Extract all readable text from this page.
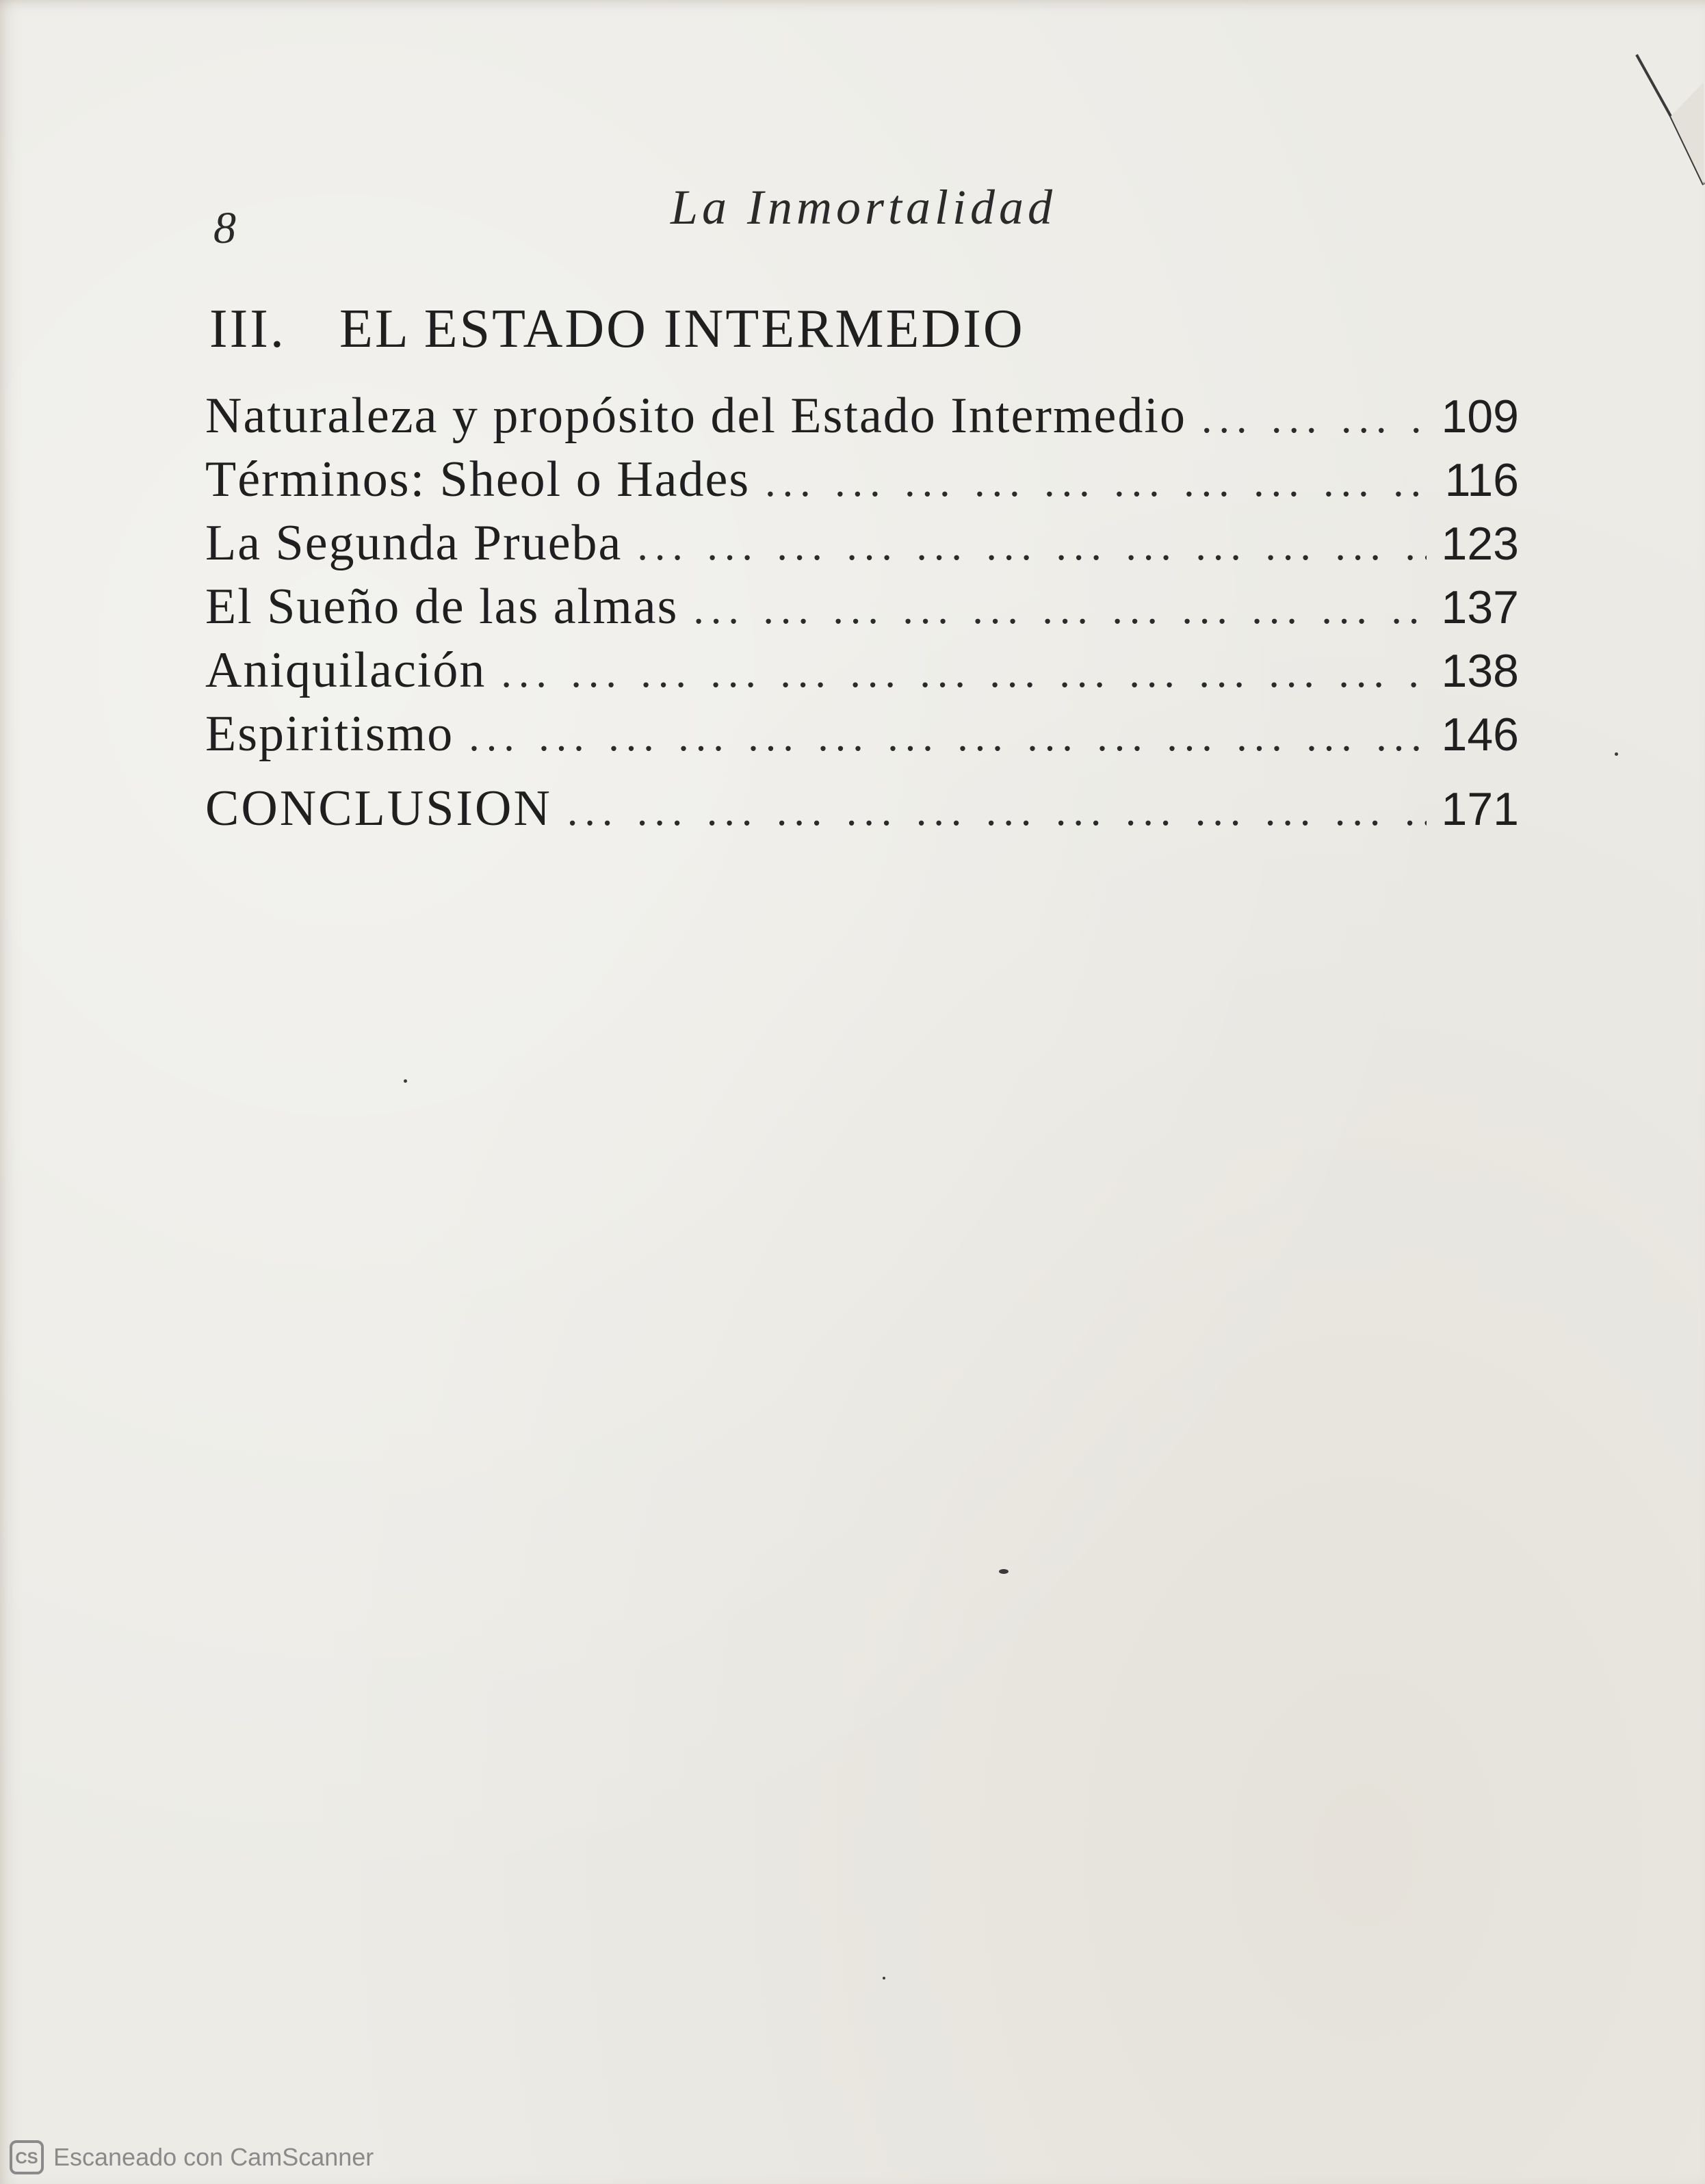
8	La Inmortalidad
III. EL ESTADO INTERMEDIO
Naturaleza y propósito del Estado Intermedio ... .	109
Términos: Sheol o Hades ... .	116
La Segunda Prueba ... .	123
El Sueño de las almas ... .	137
Aniquilación ... .	138
Espiritismo ... .	146
CONCLUSION ... .	171
CS Escaneado con CamScanner
